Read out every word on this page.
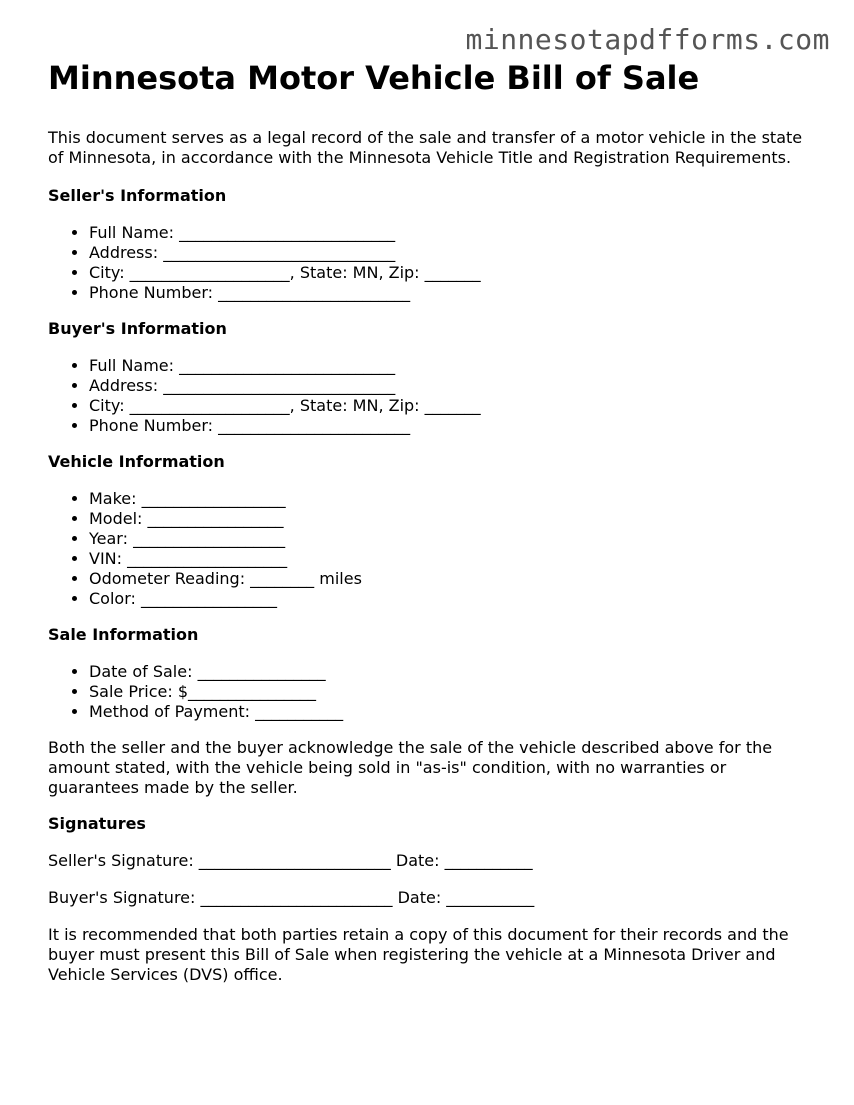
minnesotapdfforms.com
Minnesota Motor Vehicle Bill of Sale

This document serves as a legal record of the sale and transfer of a motor vehicle in the state of Minnesota, in accordance with the Minnesota Vehicle Title and Registration Requirements.

Seller's Information
• Full Name: ___________________________
• Address: _____________________________
• City: ____________________, State: MN, Zip: _______
• Phone Number: ________________________
Buyer's Information
• Full Name: ___________________________
• Address: _____________________________
• City: ____________________, State: MN, Zip: _______
• Phone Number: ________________________
Vehicle Information
• Make: __________________
• Model: _________________
• Year: ___________________
• VIN: ____________________
• Odometer Reading: ________ miles
• Color: _________________
Sale Information
• Date of Sale: ________________
• Sale Price: $________________
• Method of Payment: ___________

Both the seller and the buyer acknowledge the sale of the vehicle described above for the amount stated, with the vehicle being sold in "as-is" condition, with no warranties or guarantees made by the seller.

Signatures

Seller's Signature: ________________________ Date: ___________

Buyer's Signature: ________________________ Date: ___________

It is recommended that both parties retain a copy of this document for their records and the buyer must present this Bill of Sale when registering the vehicle at a Minnesota Driver and Vehicle Services (DVS) office.
